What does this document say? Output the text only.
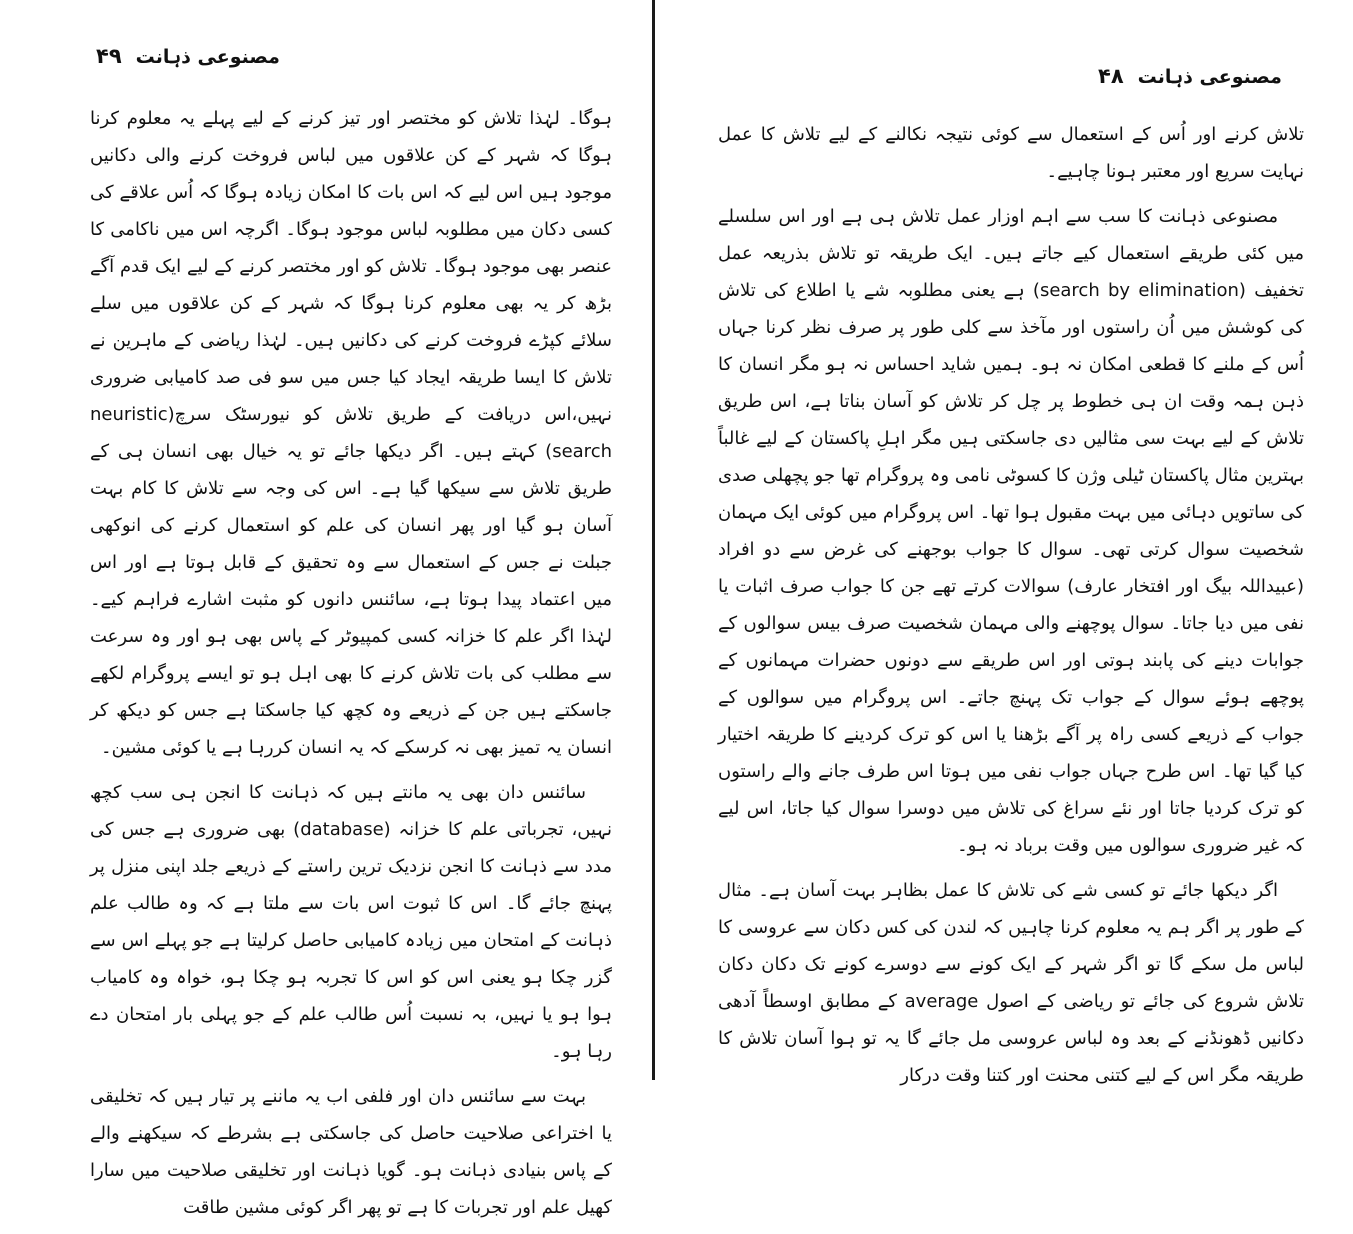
مصنوعی ذہانت
۴۹

ہوگا۔ لہٰذا تلاش کو مختصر اور تیز کرنے کے لیے پہلے یہ معلوم کرنا ہوگا کہ شہر کے کن علاقوں میں لباس فروخت کرنے والی دکانیں موجود ہیں اس لیے کہ اس بات کا امکان زیادہ ہوگا کہ اُس علاقے کی کسی دکان میں مطلوبہ لباس موجود ہوگا۔ اگرچہ اس میں ناکامی کا عنصر بھی موجود ہوگا۔ تلاش کو اور مختصر کرنے کے لیے ایک قدم آگے بڑھ کر یہ بھی معلوم کرنا ہوگا کہ شہر کے کن علاقوں میں سلے سلائے کپڑے فروخت کرنے کی دکانیں ہیں۔ لہٰذا ریاضی کے ماہرین نے تلاش کا ایسا طریقہ ایجاد کیا جس میں سو فی صد کامیابی ضروری نہیں،اس دریافت کے طریق تلاش کو نیورسٹک سرچ(neuristic search) کہتے ہیں۔ اگر دیکھا جائے تو یہ خیال بھی انسان ہی کے طریق تلاش سے سیکھا گیا ہے۔ اس کی وجہ سے تلاش کا کام بہت آسان ہو گیا اور پھر انسان کی علم کو استعمال کرنے کی انوکھی جبلت نے جس کے استعمال سے وہ تحقیق کے قابل ہوتا ہے اور اس میں اعتماد پیدا ہوتا ہے، سائنس دانوں کو مثبت اشارے فراہم کیے۔ لہٰذا اگر علم کا خزانہ کسی کمپیوٹر کے پاس بھی ہو اور وہ سرعت سے مطلب کی بات تلاش کرنے کا بھی اہل ہو تو ایسے پروگرام لکھے جاسکتے ہیں جن کے ذریعے وہ کچھ کیا جاسکتا ہے جس کو دیکھ کر انسان یہ تمیز بھی نہ کرسکے کہ یہ انسان کررہا ہے یا کوئی مشین۔

سائنس دان بھی یہ مانتے ہیں کہ ذہانت کا انجن ہی سب کچھ نہیں، تجرباتی علم کا خزانہ (database) بھی ضروری ہے جس کی مدد سے ذہانت کا انجن نزدیک ترین راستے کے ذریعے جلد اپنی منزل پر پہنچ جائے گا۔ اس کا ثبوت اس بات سے ملتا ہے کہ وہ طالب علم ذہانت کے امتحان میں زیادہ کامیابی حاصل کرلیتا ہے جو پہلے اس سے گزر چکا ہو یعنی اس کو اس کا تجربہ ہو چکا ہو، خواہ وہ کامیاب ہوا ہو یا نہیں، بہ نسبت اُس طالب علم کے جو پہلی بار امتحان دے رہا ہو۔

بہت سے سائنس دان اور فلفی اب یہ ماننے پر تیار ہیں کہ تخلیقی یا اختراعی صلاحیت حاصل کی جاسکتی ہے بشرطے کہ سیکھنے والے کے پاس بنیادی ذہانت ہو۔ گویا ذہانت اور تخلیقی صلاحیت میں سارا کھیل علم اور تجربات کا ہے تو پھر اگر کوئی مشین طاقت

مصنوعی ذہانت
۴۸

تلاش کرنے اور اُس کے استعمال سے کوئی نتیجہ نکالنے کے لیے تلاش کا عمل نہایت سریع اور معتبر ہونا چاہیے۔

مصنوعی ذہانت کا سب سے اہم اوزار عمل تلاش ہی ہے اور اس سلسلے میں کئی طریقے استعمال کیے جاتے ہیں۔ ایک طریقہ تو تلاش بذریعہ عمل تخفیف (search by elimination) ہے یعنی مطلوبہ شے یا اطلاع کی تلاش کی کوشش میں اُن راستوں اور مآخذ سے کلی طور پر صرف نظر کرنا جہاں اُس کے ملنے کا قطعی امکان نہ ہو۔ ہمیں شاید احساس نہ ہو مگر انسان کا ذہن ہمہ وقت ان ہی خطوط پر چل کر تلاش کو آسان بناتا ہے، اس طریق تلاش کے لیے بہت سی مثالیں دی جاسکتی ہیں مگر اہلِ پاکستان کے لیے غالباً بہترین مثال پاکستان ٹیلی وژن کا کسوٹی نامی وہ پروگرام تھا جو پچھلی صدی کی ساتویں دہائی میں بہت مقبول ہوا تھا۔ اس پروگرام میں کوئی ایک مہمان شخصیت سوال کرتی تھی۔ سوال کا جواب بوجھنے کی غرض سے دو افراد (عبیداللہ بیگ اور افتخار عارف) سوالات کرتے تھے جن کا جواب صرف اثبات یا نفی میں دیا جاتا۔ سوال پوچھنے والی مہمان شخصیت صرف بیس سوالوں کے جوابات دینے کی پابند ہوتی اور اس طریقے سے دونوں حضرات مہمانوں کے پوچھے ہوئے سوال کے جواب تک پہنچ جاتے۔ اس پروگرام میں سوالوں کے جواب کے ذریعے کسی راہ پر آگے بڑھنا یا اس کو ترک کردینے کا طریقہ اختیار کیا گیا تھا۔ اس طرح جہاں جواب نفی میں ہوتا اس طرف جانے والے راستوں کو ترک کردیا جاتا اور نئے سراغ کی تلاش میں دوسرا سوال کیا جاتا، اس لیے کہ غیر ضروری سوالوں میں وقت برباد نہ ہو۔

اگر دیکھا جائے تو کسی شے کی تلاش کا عمل بظاہر بہت آسان ہے۔ مثال کے طور پر اگر ہم یہ معلوم کرنا چاہیں کہ لندن کی کس دکان سے عروسی کا لباس مل سکے گا تو اگر شہر کے ایک کونے سے دوسرے کونے تک دکان دکان تلاش شروع کی جائے تو ریاضی کے اصول average کے مطابق اوسطاً آدھی دکانیں ڈھونڈنے کے بعد وہ لباس عروسی مل جائے گا یہ تو ہوا آسان تلاش کا طریقہ مگر اس کے لیے کتنی محنت اور کتنا وقت درکار
